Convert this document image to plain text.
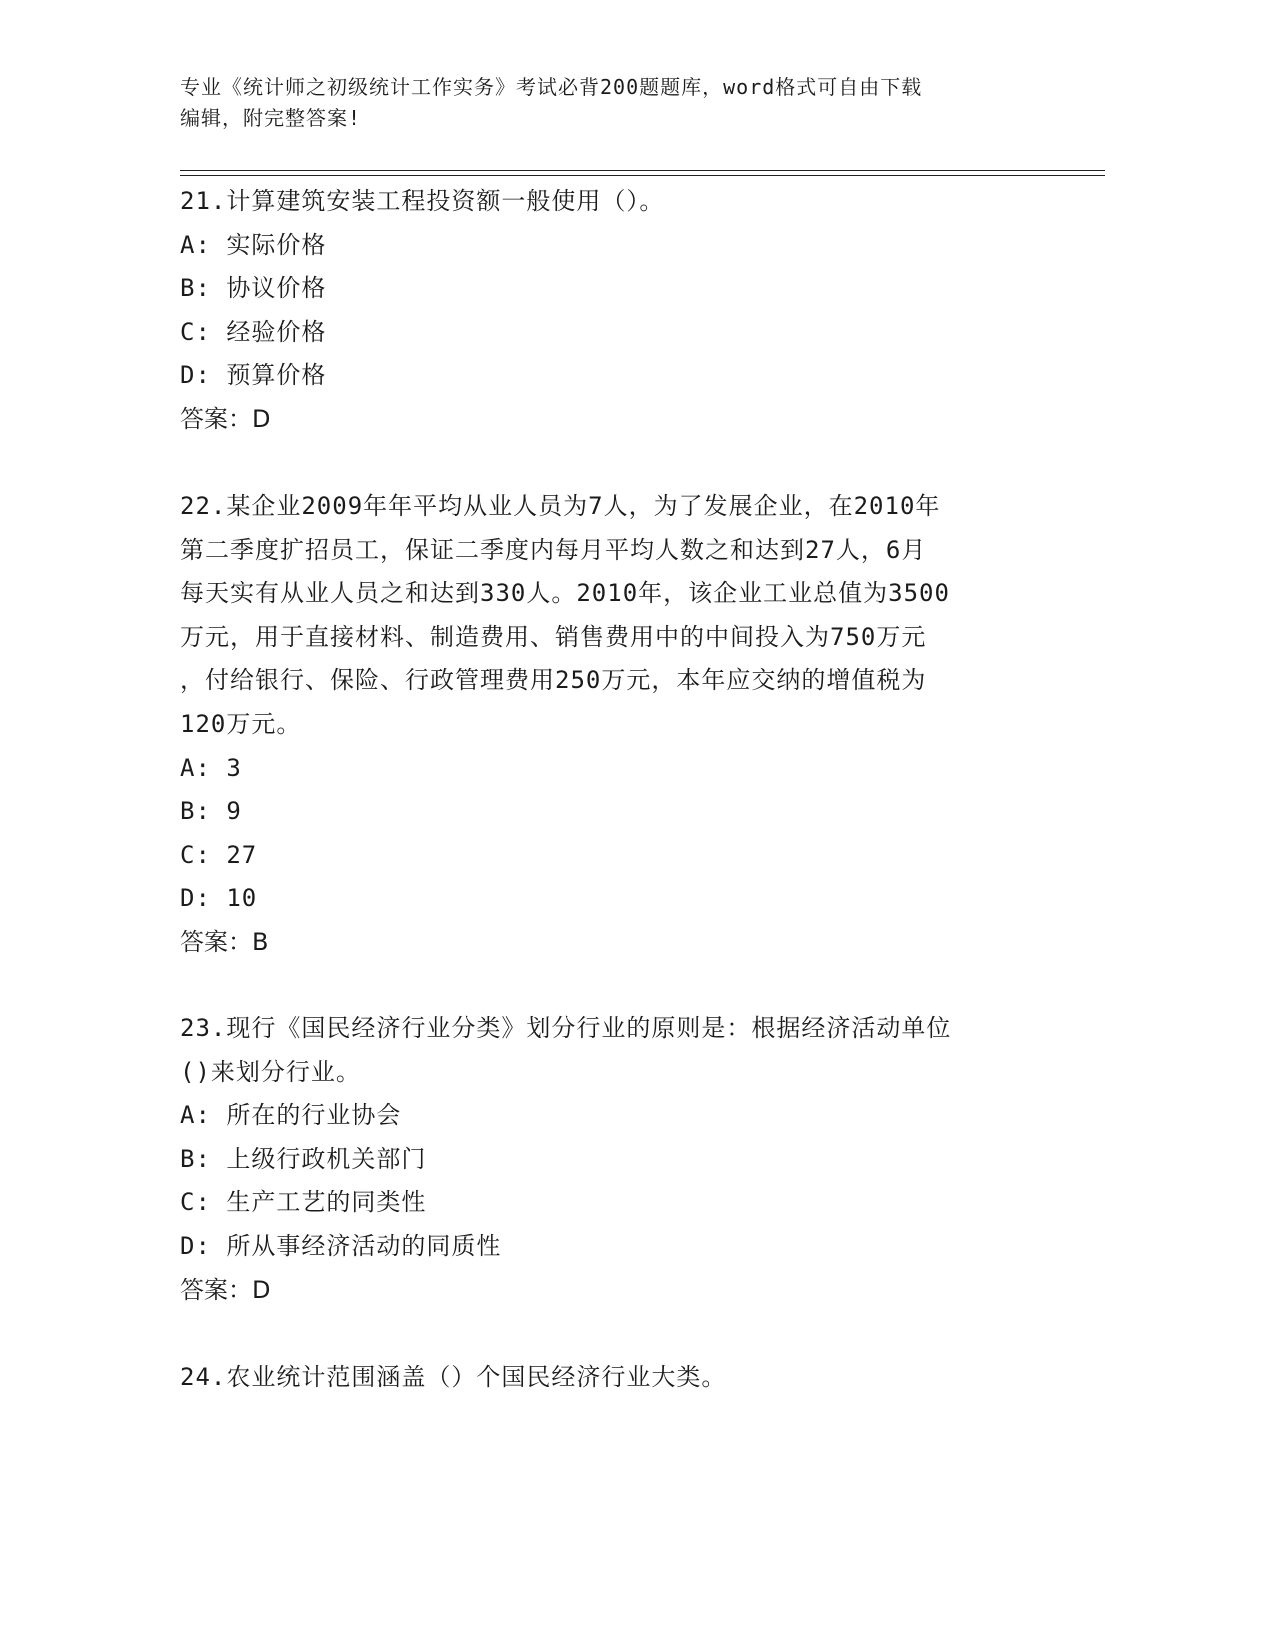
专业《统计师之初级统计工作实务》考试必背200题题库，word格式可自由下载
编辑，附完整答案!

21.计算建筑安装工程投资额一般使用（）。

A: 实际价格

B: 协议价格

C: 经验价格

D: 预算价格

答案：D

22.某企业2009年年平均从业人员为7人，为了发展企业，在2010年

第二季度扩招员工，保证二季度内每月平均人数之和达到27人，6月

每天实有从业人员之和达到330人。2010年，该企业工业总值为3500

万元，用于直接材料、制造费用、销售费用中的中间投入为750万元

，付给银行、保险、行政管理费用250万元，本年应交纳的增值税为

120万元。

A: 3

B: 9

C: 27

D: 10

答案：B

23.现行《国民经济行业分类》划分行业的原则是：根据经济活动单位

()来划分行业。

A: 所在的行业协会

B: 上级行政机关部门

C: 生产工艺的同类性

D: 所从事经济活动的同质性

答案：D

24.农业统计范围涵盖（）个国民经济行业大类。
